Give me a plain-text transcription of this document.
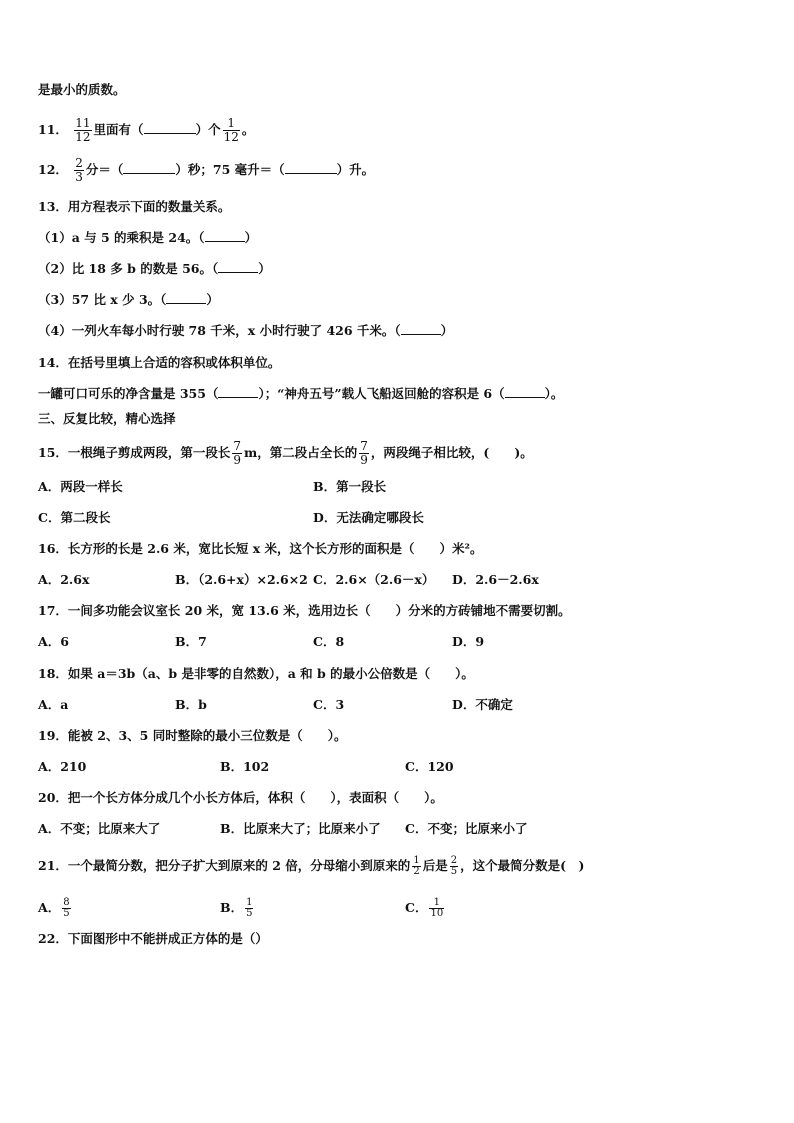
是最小的质数。
11． $\frac{11}{12}$ 里面有（	）个 $\frac{1}{12}$ 。
12． $\frac{2}{3}$ 分＝（	）秒；75 毫升＝（	）升。
13．用方程表示下面的数量关系。
（1）a 与 5 的乘积是 24。（	）
（2）比 18 多 b 的数是 56。（	）
（3）57 比 x 少 3。（	）
（4）一列火车每小时行驶 78 千米，x 小时行驶了 426 千米。（	）
14．在括号里填上合适的容积或体积单位。
一罐可口可乐的净含量是 355（	）；“神舟五号”载人飞船返回舱的容积是 6（	）。
三、反复比较，精心选择
15．一根绳子剪成两段，第一段长 $\frac{7}{9}$ m，第二段占全长的 $\frac{7}{9}$ ，两段绳子相比较，(　　)。
A．两段一样长	B．第一段长
C．第二段长	D．无法确定哪段长
16．长方形的长是 2.6 米，宽比长短 x 米，这个长方形的面积是（　　）米²。
A．2.6x	B．（2.6+x）×2.6×2 C．2.6×（2.6－x） D．2.6－2.6x
17．一间多功能会议室长 20 米，宽 13.6 米，选用边长（　　）分米的方砖铺地不需要切割。
A．6	B．7	C．8	D．9
18．如果 a＝3b（a、b 是非零的自然数），a 和 b 的最小公倍数是（　　）。
A．a	B．b	C．3	D．不确定
19．能被 2、3、5 同时整除的最小三位数是（　　）。
A．210	B．102	C．120
20．把一个长方体分成几个小长方体后，体积（　　），表面积（　　）。
A．不变；比原来大了	B．比原来大了；比原来小了 C．不变；比原来小了
21．一个最简分数，把分子扩大到原来的 2 倍，分母缩小到原来的 $\frac{1}{2}$ 后是 $\frac{2}{5}$ ，这个最简分数是(　)
A． $\frac{8}{5}$	B． $\frac{1}{5}$	C． $\frac{1}{10}$
22．下面图形中不能拼成正方体的是（）
